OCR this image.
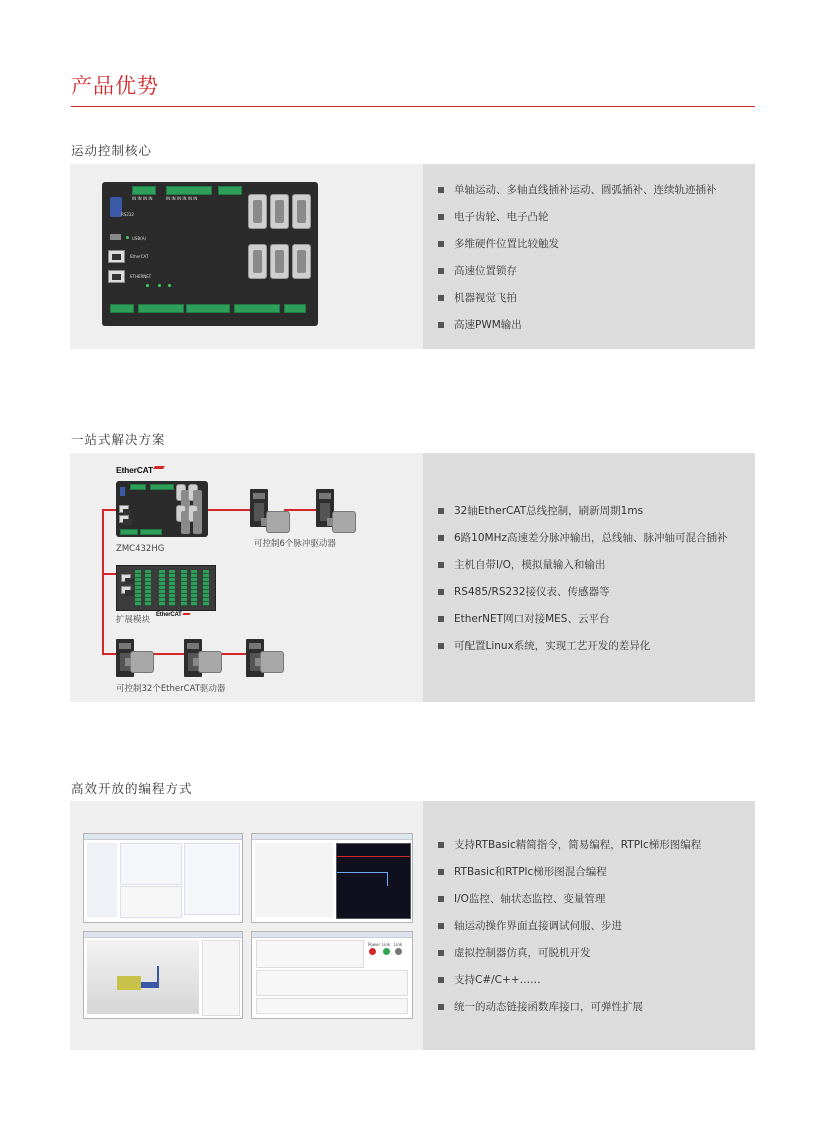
产品优势
运动控制核心
IN IN IN IN	IN IN IN IN IN IN
RS232
USB(A)
EtherCAT
ETHERNET
单轴运动、多轴直线插补运动、圆弧插补、连续轨迹插补
电子齿轮、电子凸轮
多维硬件位置比较触发
高速位置锁存
机器视觉飞拍
高速PWM输出
一站式解决方案
EtherCAT
ZMC432HG	可控制6个脉冲驱动器
扩展模块 EtherCAT
可控制32个EtherCAT驱动器
32轴EtherCAT总线控制，刷新周期1ms
6路10MHz高速差分脉冲输出，总线轴、脉冲轴可混合插补
主机自带I/O，模拟量输入和输出
RS485/RS232接仪表、传感器等
EtherNET网口对接MES、云平台
可配置Linux系统，实现工艺开发的差异化
高效开放的编程方式
Power Link Link
支持RTBasic精简指令，简易编程，RTPlc梯形图编程
RTBasic和RTPlc梯形图混合编程
I/O监控、轴状态监控、变量管理
轴运动操作界面直接调试伺服、步进
虚拟控制器仿真，可脱机开发
支持C#/C++……
统一的动态链接函数库接口，可弹性扩展
